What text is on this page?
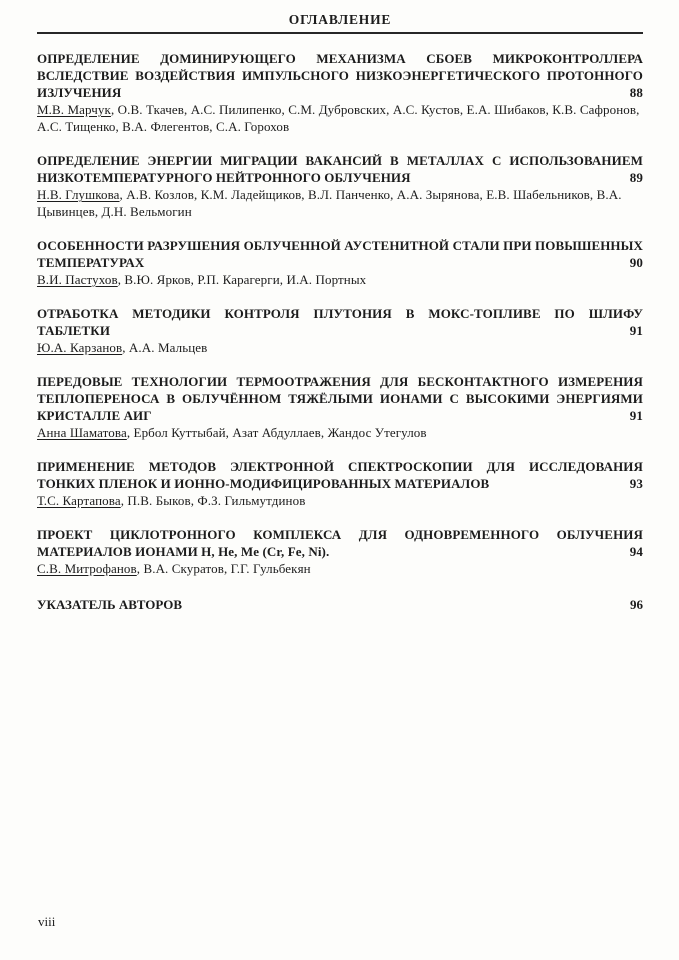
ОГЛАВЛЕНИЕ
ОПРЕДЕЛЕНИЕ ДОМИНИРУЮЩЕГО МЕХАНИЗМА СБОЕВ МИКРОКОНТРОЛЛЕРА ВСЛЕДСТВИЕ ВОЗДЕЙСТВИЯ ИМПУЛЬСНОГО НИЗКОЭНЕРГЕТИЧЕСКОГО ПРОТОННОГО ИЗЛУЧЕНИЯ	88
М.В. Марчук, О.В. Ткачев, А.С. Пилипенко, С.М. Дубровских, А.С. Кустов, Е.А. Шибаков, К.В. Сафронов, А.С. Тищенко, В.А. Флегентов, С.А. Горохов
ОПРЕДЕЛЕНИЕ ЭНЕРГИИ МИГРАЦИИ ВАКАНСИЙ В МЕТАЛЛАХ С ИСПОЛЬЗОВАНИЕМ НИЗКОТЕМПЕРАТУРНОГО НЕЙТРОННОГО ОБЛУЧЕНИЯ	89
Н.В. Глушкова, А.В. Козлов, К.М. Ладейщиков, В.Л. Панченко, А.А. Зырянова, Е.В. Шабельников, В.А. Цывинцев, Д.Н. Вельмогин
ОСОБЕННОСТИ РАЗРУШЕНИЯ ОБЛУЧЕННОЙ АУСТЕНИТНОЙ СТАЛИ ПРИ ПОВЫШЕННЫХ ТЕМПЕРАТУРАХ	90
В.И. Пастухов, В.Ю. Ярков, Р.П. Карагерги, И.А. Портных
ОТРАБОТКА МЕТОДИКИ КОНТРОЛЯ ПЛУТОНИЯ В МОКС-ТОПЛИВЕ ПО ШЛИФУ ТАБЛЕТКИ	91
Ю.А. Карзанов, А.А. Мальцев
ПЕРЕДОВЫЕ ТЕХНОЛОГИИ ТЕРМООТРАЖЕНИЯ ДЛЯ БЕСКОНТАКТНОГО ИЗМЕРЕНИЯ ТЕПЛОПЕРЕНОСА В ОБЛУЧЁННОМ ТЯЖЁЛЫМИ ИОНАМИ С ВЫСОКИМИ ЭНЕРГИЯМИ КРИСТАЛЛЕ АИГ	91
Анна Шаматова, Ербол Куттыбай, Азат Абдуллаев, Жандос Утегулов
ПРИМЕНЕНИЕ МЕТОДОВ ЭЛЕКТРОННОЙ СПЕКТРОСКОПИИ ДЛЯ ИССЛЕДОВАНИЯ ТОНКИХ ПЛЕНОК И ИОННО-МОДИФИЦИРОВАННЫХ МАТЕРИАЛОВ	93
Т.С. Картапова, П.В. Быков, Ф.З. Гильмутдинов
ПРОЕКТ ЦИКЛОТРОННОГО КОМПЛЕКСА ДЛЯ ОДНОВРЕМЕННОГО ОБЛУЧЕНИЯ МАТЕРИАЛОВ ИОНАМИ H, He, Me (Cr, Fe, Ni).	94
С.В. Митрофанов, В.А. Скуратов, Г.Г. Гульбекян
УКАЗАТЕЛЬ АВТОРОВ	96
viii
